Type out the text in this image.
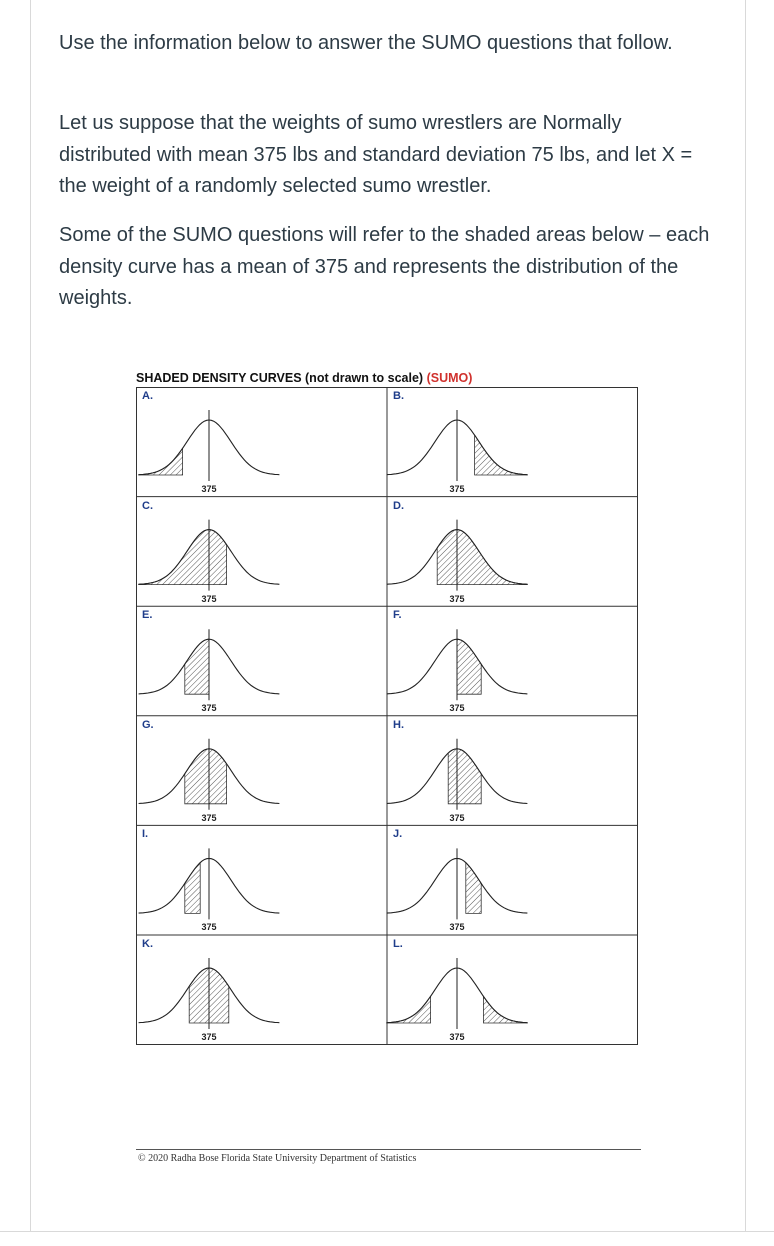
Use the information below to answer the SUMO questions that follow.

Let us suppose that the weights of sumo wrestlers are Normally distributed with mean 375 lbs and standard deviation 75 lbs, and let X = the weight of a randomly selected sumo wrestler.

Some of the SUMO questions will refer to the shaded areas below – each density curve has a mean of 375 and represents the distribution of the weights.

SHADED DENSITY CURVES (not drawn to scale) (SUMO)
A.
375
B.
375
C.
375
D.
375
E.
375
F.
375
G.
375
H.
375
I.
375
J.
375
K.
375
L.
375
© 2020 Radha Bose Florida State University Department of Statistics
